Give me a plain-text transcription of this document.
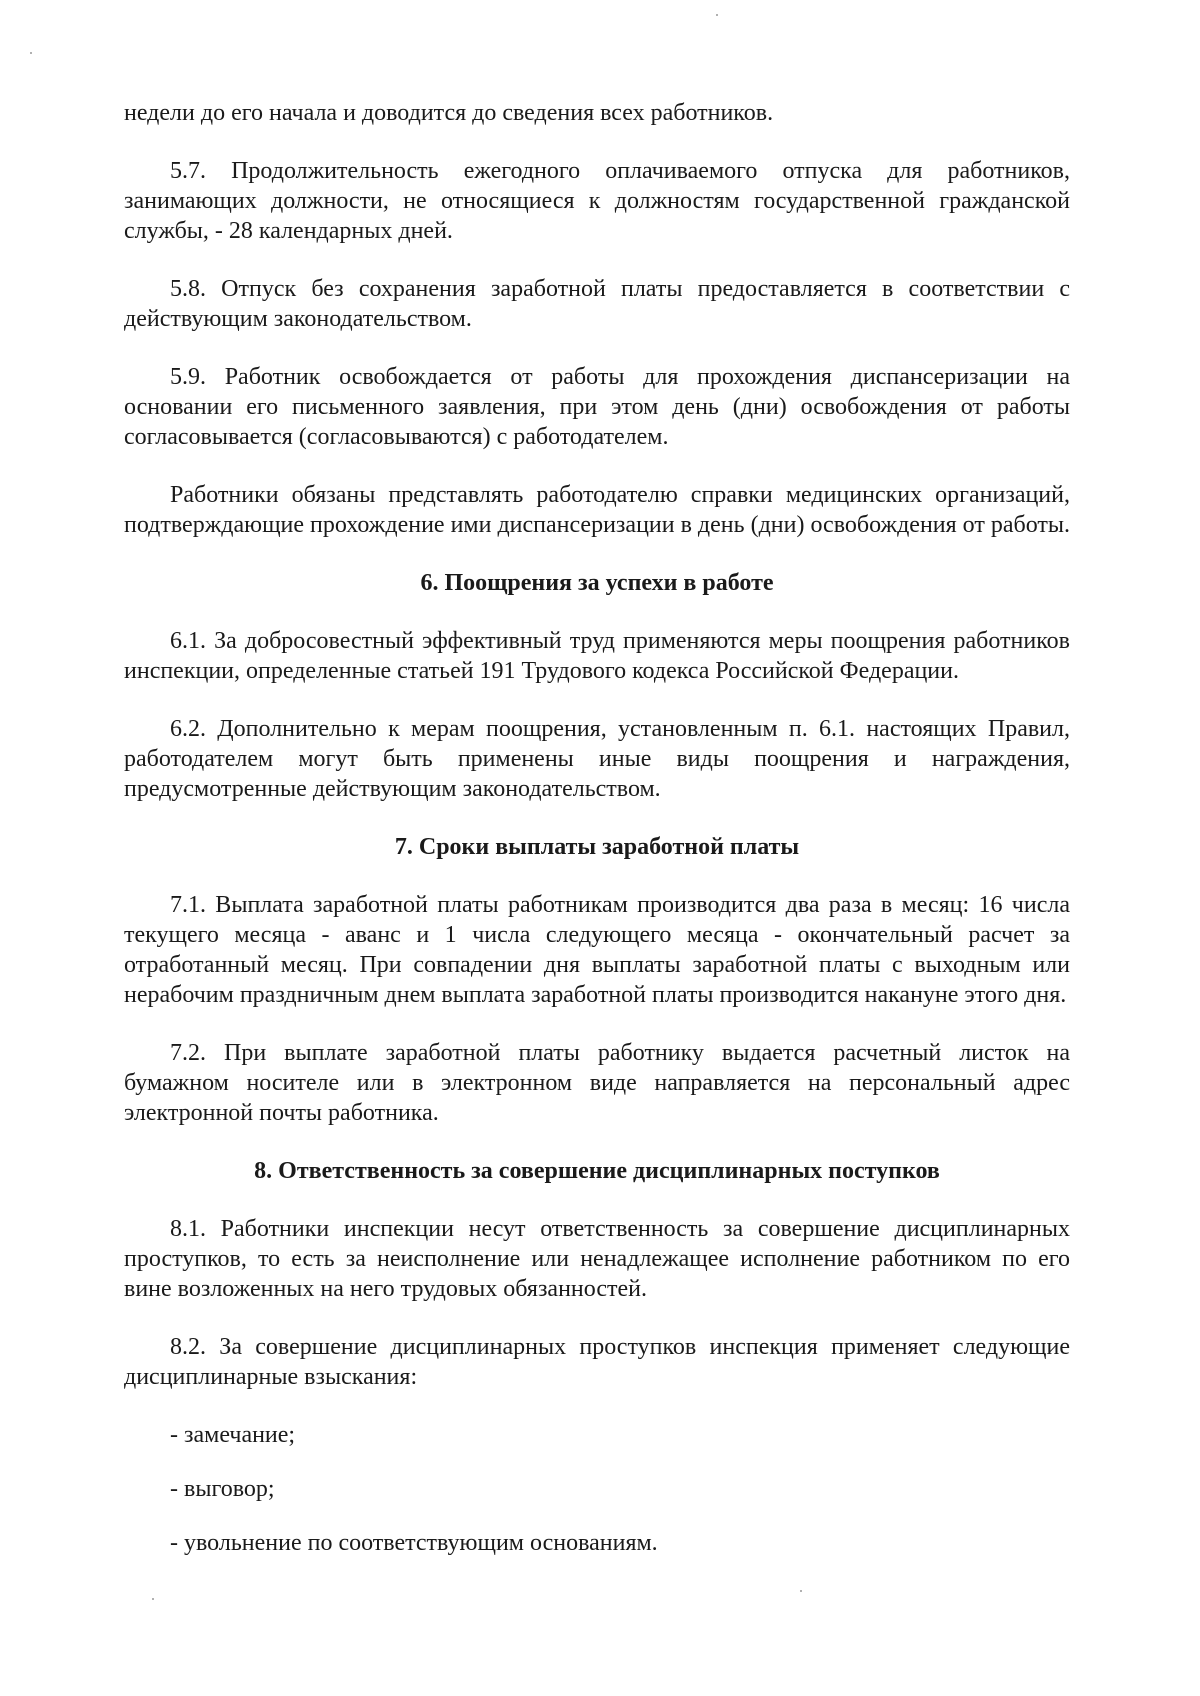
недели до его начала и доводится до сведения всех работников.

5.7. Продолжительность ежегодного оплачиваемого отпуска для работников, занимающих должности, не относящиеся к должностям государственной гражданской службы, - 28 календарных дней.

5.8. Отпуск без сохранения заработной платы предоставляется в соответствии с действующим законодательством.

5.9. Работник освобождается от работы для прохождения диспансеризации на основании его письменного заявления, при этом день (дни) освобождения от работы согласовывается (согласовываются) с работодателем.

Работники обязаны представлять работодателю справки медицинских организаций, подтверждающие прохождение ими диспансеризации в день (дни) освобождения от работы.

6. Поощрения за успехи в работе

6.1. За добросовестный эффективный труд применяются меры поощрения работников инспекции, определенные статьей 191 Трудового кодекса Российской Федерации.

6.2. Дополнительно к мерам поощрения, установленным п. 6.1. настоящих Правил, работодателем могут быть применены иные виды поощрения и награждения, предусмотренные действующим законодательством.

7. Сроки выплаты заработной платы

7.1. Выплата заработной платы работникам производится два раза в месяц: 16 числа текущего месяца - аванс и 1 числа следующего месяца - окончательный расчет за отработанный месяц. При совпадении дня выплаты заработной платы с выходным или нерабочим праздничным днем выплата заработной платы производится накануне этого дня.

7.2. При выплате заработной платы работнику выдается расчетный листок на бумажном носителе или в электронном виде направляется на персональный адрес электронной почты работника.

8. Ответственность за совершение дисциплинарных поступков

8.1. Работники инспекции несут ответственность за совершение дисциплинарных проступков, то есть за неисполнение или ненадлежащее исполнение работником по его вине возложенных на него трудовых обязанностей.

8.2. За совершение дисциплинарных проступков инспекция применяет следующие дисциплинарные взыскания:

- замечание;
- выговор;
- увольнение по соответствующим основаниям.
